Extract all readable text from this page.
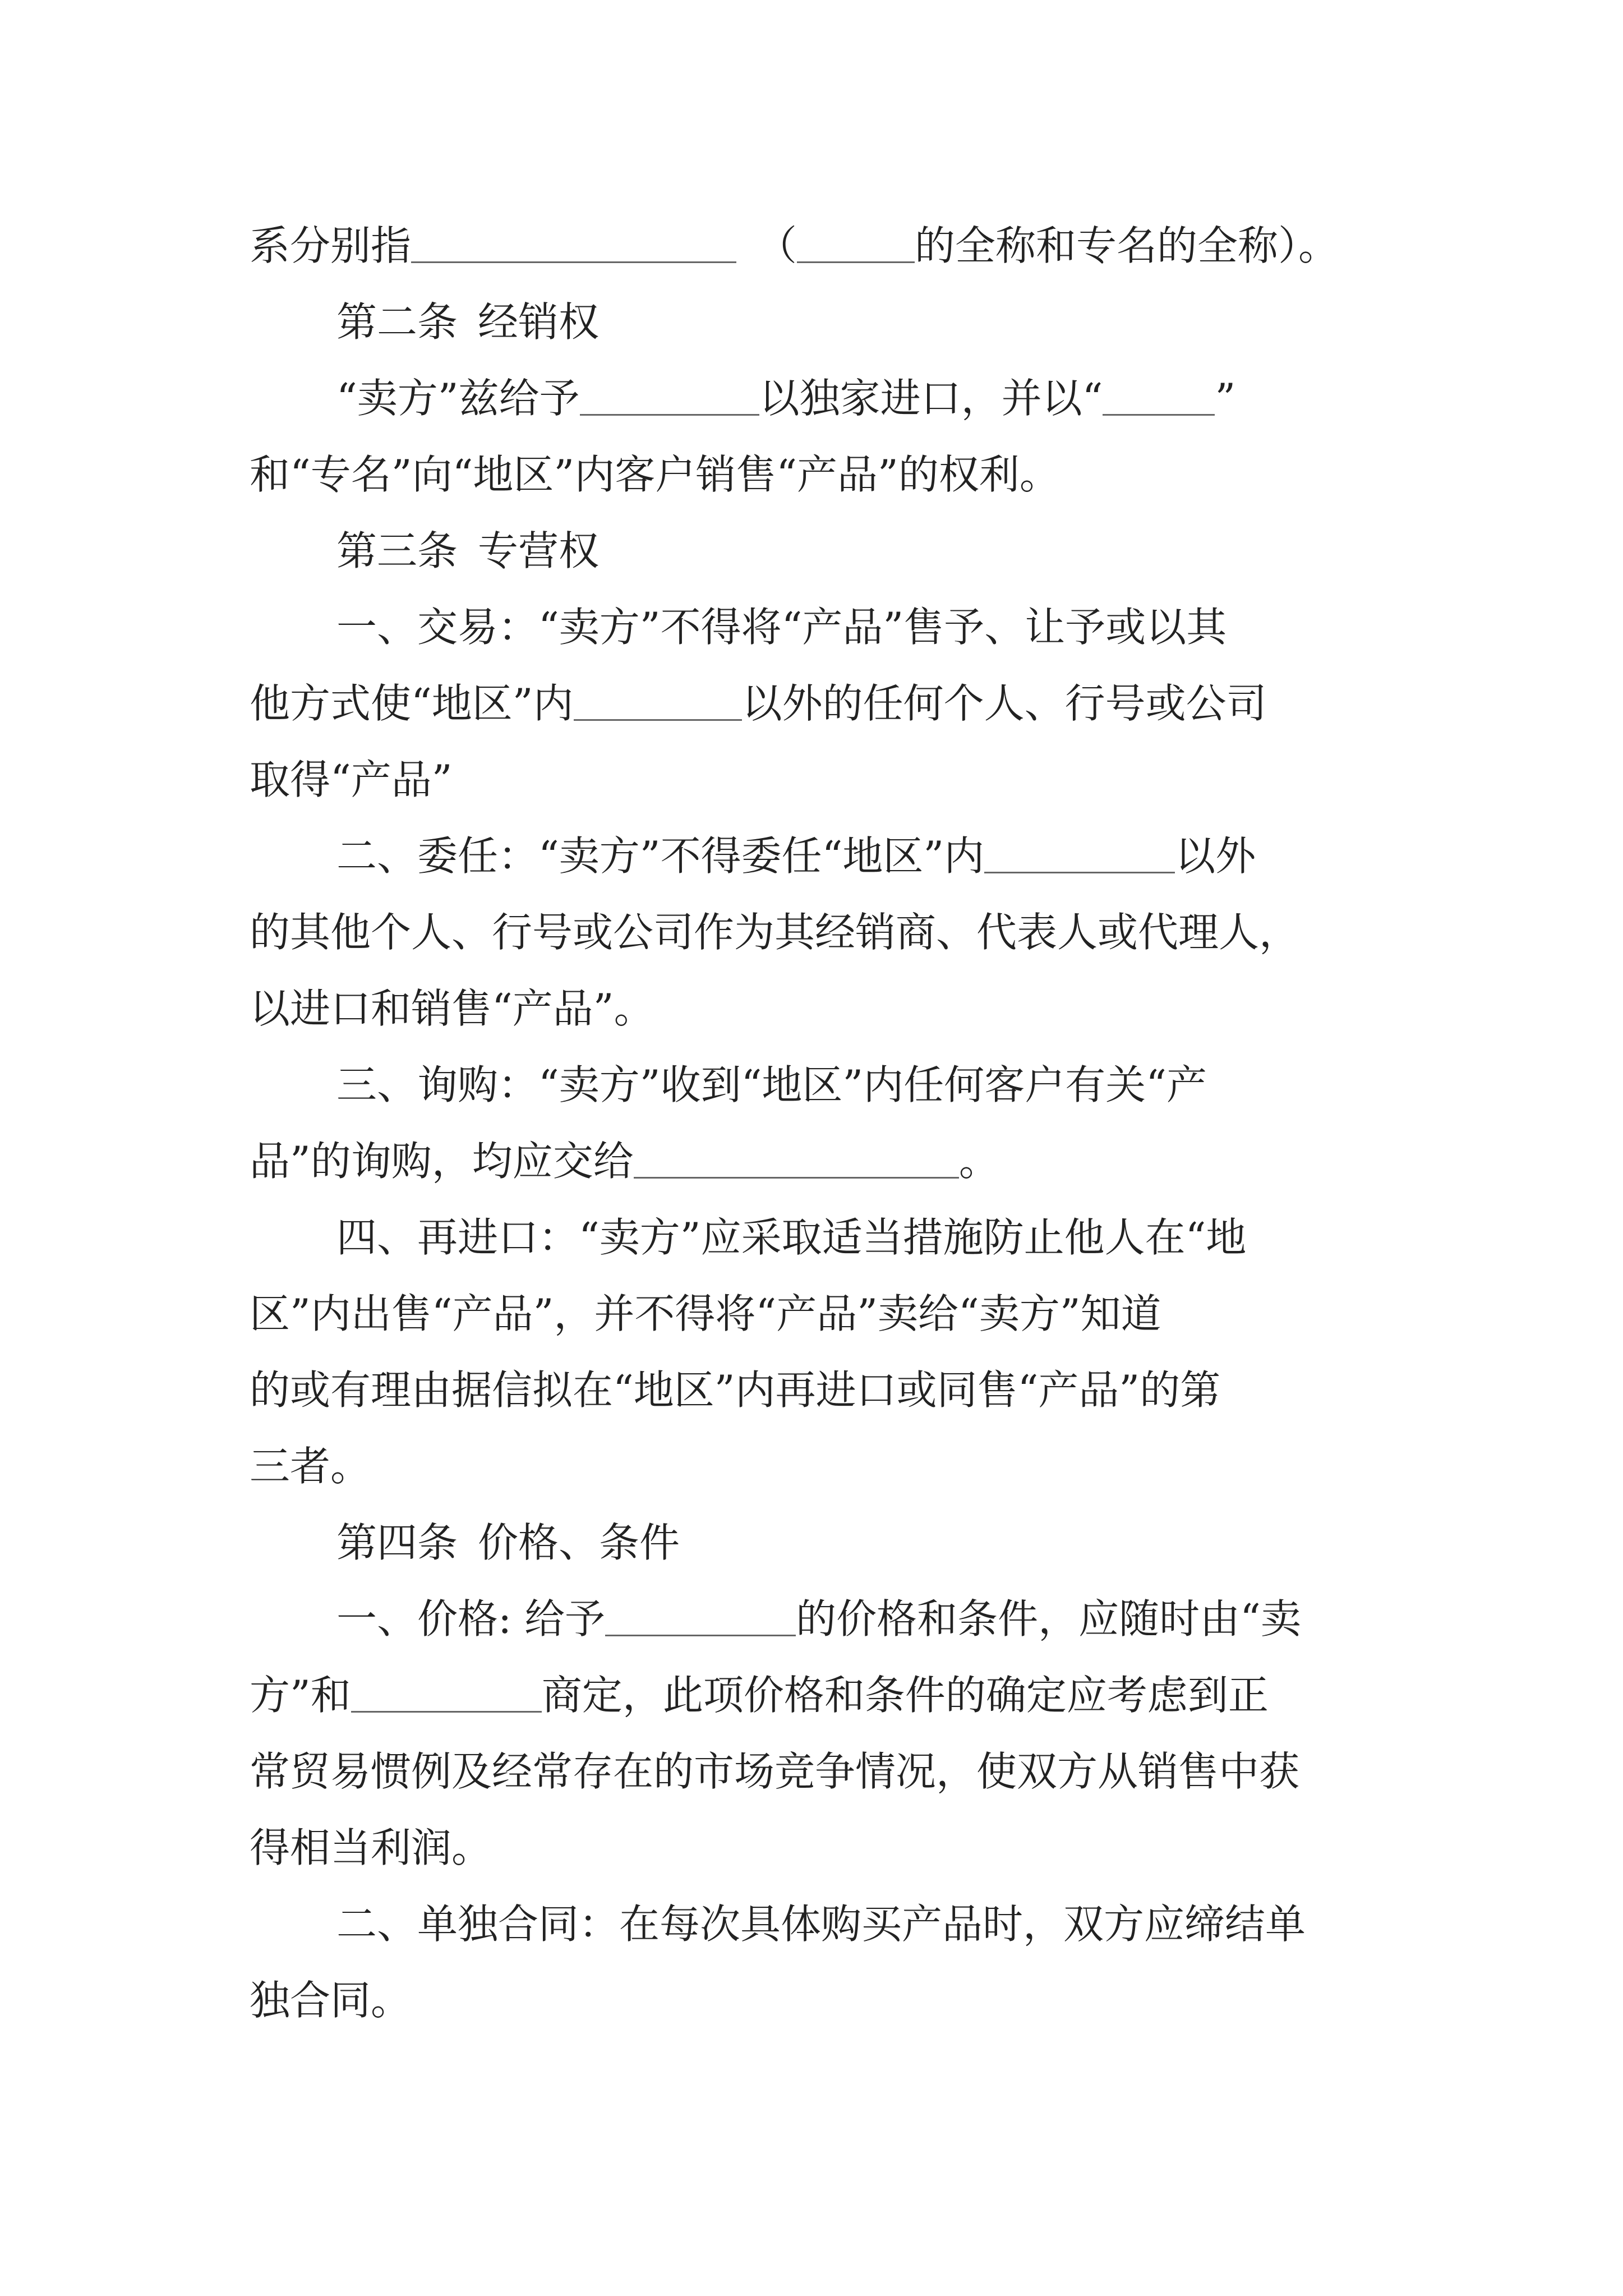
系分别指	（	的全称和专名的全称）。
第二条 经销权
“卖方”兹给予	以独家进口，并以“	”
和“专名”向“地区”内客户销售“产品”的权利。
第三条 专营权
一、交易：“卖方”不得将“产品”售予、让予或以其
他方式使“地区”内	以外的任何个人、行号或公司
取得“产品”
二、委任：“卖方”不得委任“地区”内	以外
的其他个人、行号或公司作为其经销商、代表人或代理人，
以进口和销售“产品”。
三、询购：“卖方”收到“地区”内任何客户有关“产
品”的询购，均应交给	。
四、再进口：“卖方”应采取适当措施防止他人在“地
区”内出售“产品”，并不得将“产品”卖给“卖方”知道
的或有理由据信拟在“地区”内再进口或同售“产品”的第
三者。
第四条 价格、条件
一、价格: 给予	的价格和条件，应随时由“卖
方”和	商定，此项价格和条件的确定应考虑到正
常贸易惯例及经常存在的市场竞争情况，使双方从销售中获
得相当利润。
二、单独合同：在每次具体购买产品时，双方应缔结单
独合同。
